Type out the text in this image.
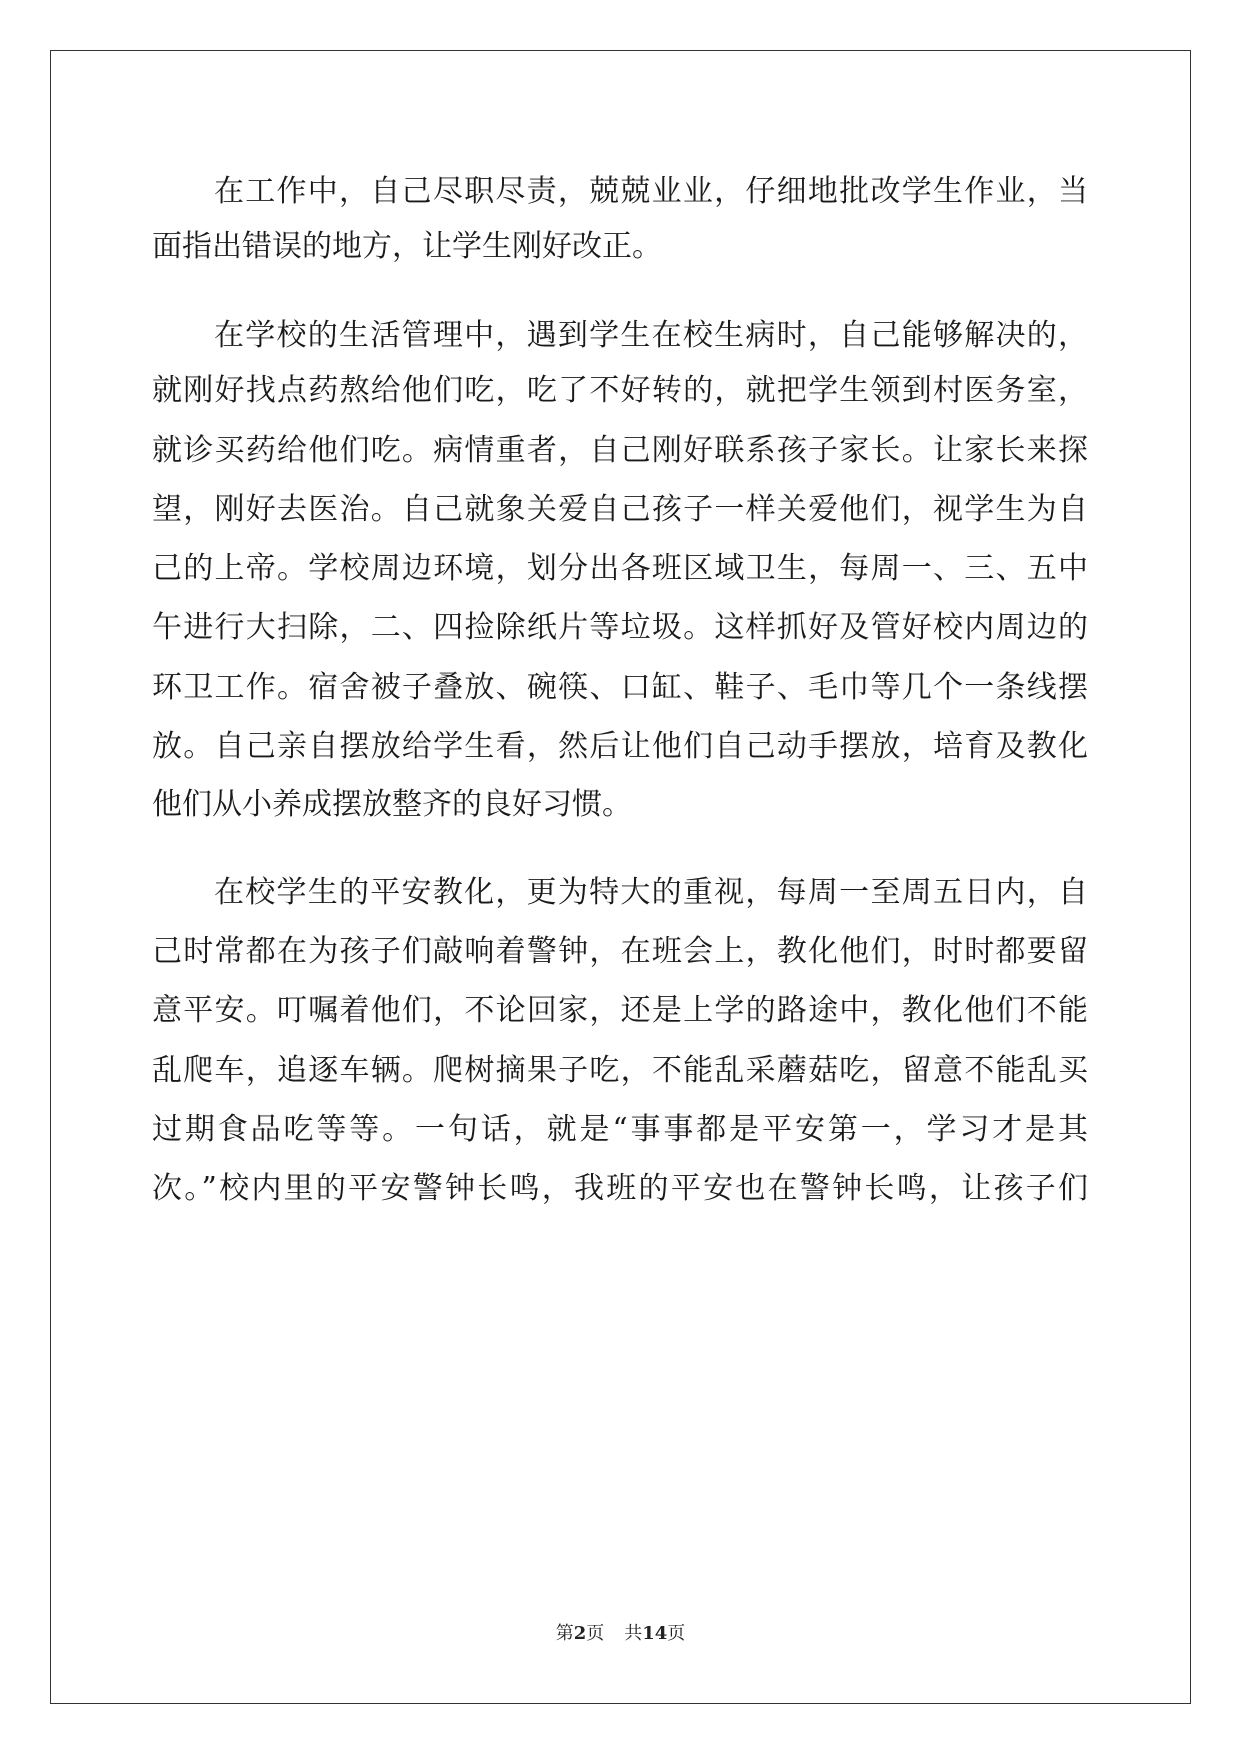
在工作中，自己尽职尽责，兢兢业业，仔细地批改学生作业，当
面指出错误的地方，让学生刚好改正。
在学校的生活管理中，遇到学生在校生病时，自己能够解决的，
就刚好找点药熬给他们吃，吃了不好转的，就把学生领到村医务室，
就诊买药给他们吃。病情重者，自己刚好联系孩子家长。让家长来探
望，刚好去医治。自己就象关爱自己孩子一样关爱他们，视学生为自
己的上帝。学校周边环境，划分出各班区域卫生，每周一、三、五中
午进行大扫除，二、四捡除纸片等垃圾。这样抓好及管好校内周边的
环卫工作。宿舍被子叠放、碗筷、口缸、鞋子、毛巾等几个一条线摆
放。自己亲自摆放给学生看，然后让他们自己动手摆放，培育及教化
他们从小养成摆放整齐的良好习惯。
在校学生的平安教化，更为特大的重视，每周一至周五日内，自
己时常都在为孩子们敲响着警钟，在班会上，教化他们，时时都要留
意平安。叮嘱着他们，不论回家，还是上学的路途中，教化他们不能
乱爬车，追逐车辆。爬树摘果子吃，不能乱采蘑菇吃，留意不能乱买
过期食品吃等等。一句话，就是“事事都是平安第一，学习才是其
次。”校内里的平安警钟长鸣，我班的平安也在警钟长鸣，让孩子们
第2页 共14页
